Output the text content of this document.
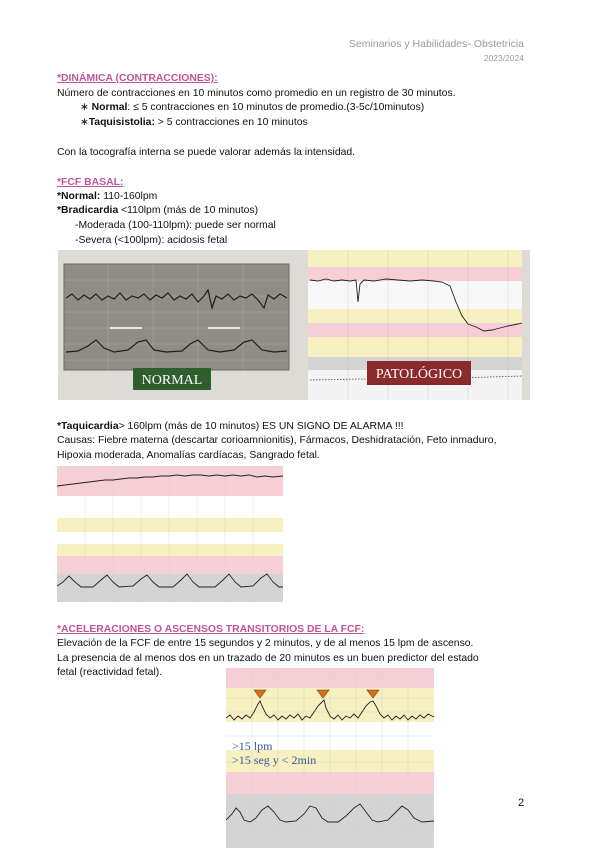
Seminarios y Habilidades- Obstetricia
2023/2024
*DINÁMICA (CONTRACCIONES):
Número de contracciones en 10 minutos como promedio en un registro de 30 minutos.
∗ Normal: ≤ 5 contracciones en 10 minutos de promedio.(3-5c/10minutos)
∗Taquisistolia: > 5 contracciones en 10 minutos
Con la tocografía interna se puede valorar además la intensidad.
*FCF BASAL:
*Normal: 110-160lpm
*Bradicardia <110lpm (más de 10 minutos)
-Moderada (100-110lpm): puede ser normal
-Severa (<100lpm): acidosis fetal
NORMAL	PATOLÓGICO
*Taquicardia> 160lpm (más de 10 minutos) ES UN SIGNO DE ALARMA !!!
Causas: Fiebre materna (descartar corioamnionitis), Fármacos, Deshidratación, Feto inmaduro,
Hipoxia moderada, Anomalías cardíacas, Sangrado fetal.
*ACELERACIONES O ASCENSOS TRANSITORIOS DE LA FCF:
Elevación de la FCF de entre 15 segundos y 2 minutos, y de al menos 15 lpm de ascenso.
La presencia de al menos dos en un trazado de 20 minutos es un buen predictor del estado
fetal (reactividad fetal).
>15 lpm
>15 seg y < 2min
2
